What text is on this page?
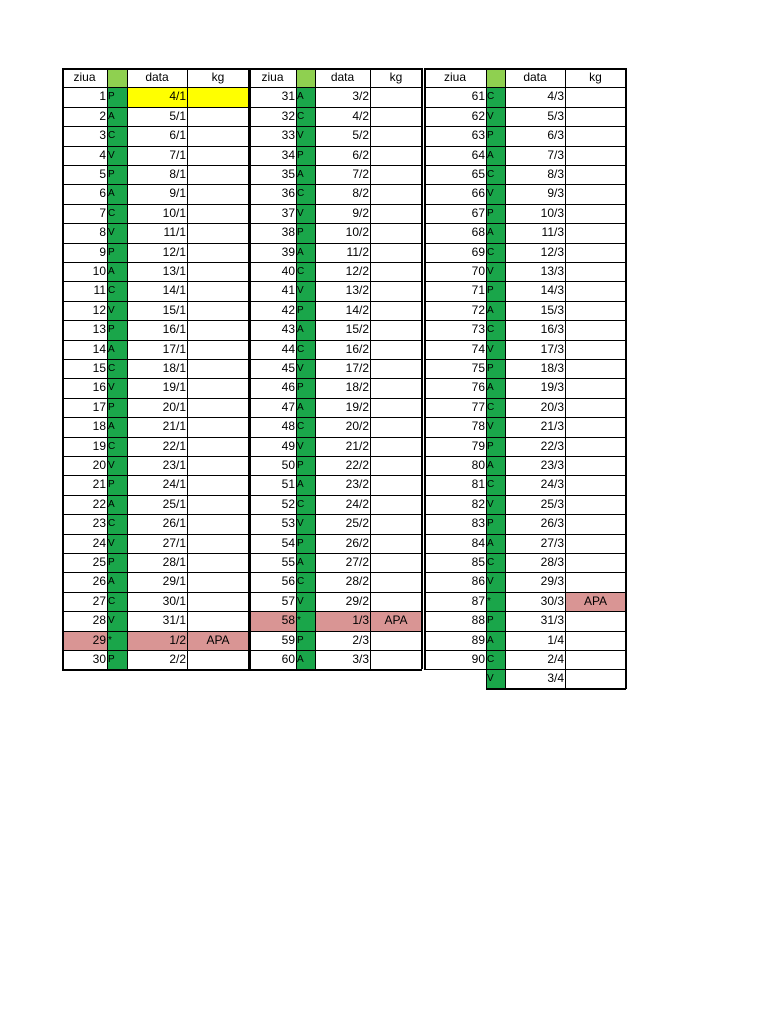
ziua	data	kg
1 P	4/1
2 A	5/1
3 C	6/1
4 V	7/1
5 P	8/1
6 A	9/1
7 C	10/1
8 V	11/1
9 P	12/1
10 A	13/1
11 C	14/1
12 V	15/1
13 P	16/1
14 A	17/1
15 C	18/1
16 V	19/1
17 P	20/1
18 A	21/1
19 C	22/1
20 V	23/1
21 P	24/1
22 A	25/1
23 C	26/1
24 V	27/1
25 P	28/1
26 A	29/1
27 C	30/1
28 V	31/1
29 *	1/2	APA
30 P	2/2
ziua	data	kg
31 A	3/2
32 C	4/2
33 V	5/2
34 P	6/2
35 A	7/2
36 C	8/2
37 V	9/2
38 P	10/2
39 A	11/2
40 C	12/2
41 V	13/2
42 P	14/2
43 A	15/2
44 C	16/2
45 V	17/2
46 P	18/2
47 A	19/2
48 C	20/2
49 V	21/2
50 P	22/2
51 A	23/2
52 C	24/2
53 V	25/2
54 P	26/2
55 A	27/2
56 C	28/2
57 V	29/2
58 *	1/3	APA
59 P	2/3
60 A	3/3
ziua	data	kg
61 C	4/3
62 V	5/3
63 P	6/3
64 A	7/3
65 C	8/3
66 V	9/3
67 P	10/3
68 A	11/3
69 C	12/3
70 V	13/3
71 P	14/3
72 A	15/3
73 C	16/3
74 V	17/3
75 P	18/3
76 A	19/3
77 C	20/3
78 V	21/3
79 P	22/3
80 A	23/3
81 C	24/3
82 V	25/3
83 P	26/3
84 A	27/3
85 C	28/3
86 V	29/3
87 *	30/3	APA
88 P	31/3
89 A	1/4
90 C	2/4
V	3/4
